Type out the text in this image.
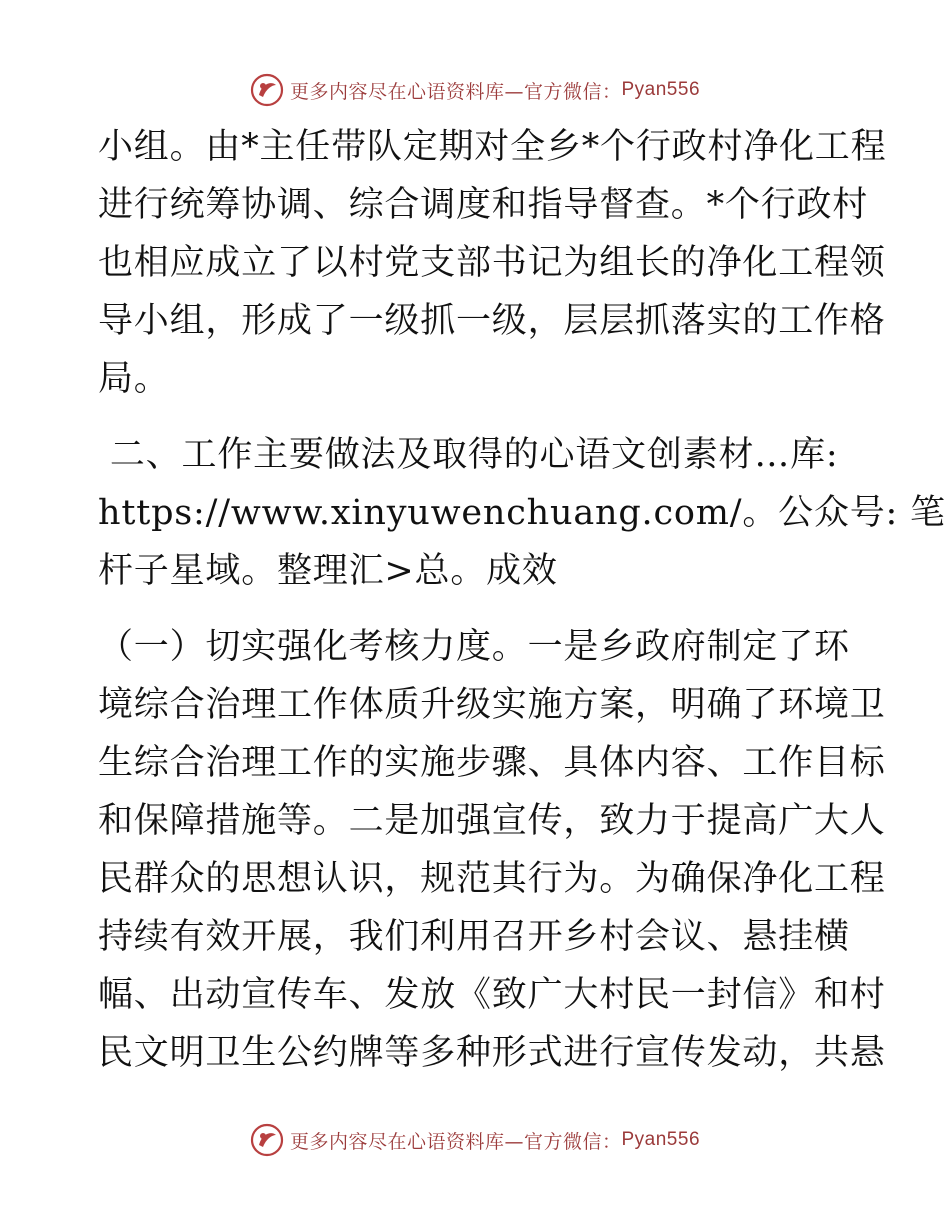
更多内容尽在心语资料库—官方微信： Pyan556
小组。由*主任带队定期对全乡*个行政村净化工程
进行统筹协调、综合调度和指导督查。*个行政村
也相应成立了以村党支部书记为组长的净化工程领
导小组，形成了一级抓一级，层层抓落实的工作格
局。
二、工作主要做法及取得的心语文创素材…库:
https://www.xinyuwenchuang.com/。公众号: 笔
杆子星域。整理汇>总。成效
（一）切实强化考核力度。一是乡政府制定了环
境综合治理工作体质升级实施方案，明确了环境卫
生综合治理工作的实施步骤、具体内容、工作目标
和保障措施等。二是加强宣传，致力于提高广大人
民群众的思想认识，规范其行为。为确保净化工程
持续有效开展，我们利用召开乡村会议、悬挂横
幅、出动宣传车、发放《致广大村民一封信》和村
民文明卫生公约牌等多种形式进行宣传发动，共悬
更多内容尽在心语资料库—官方微信： Pyan556
